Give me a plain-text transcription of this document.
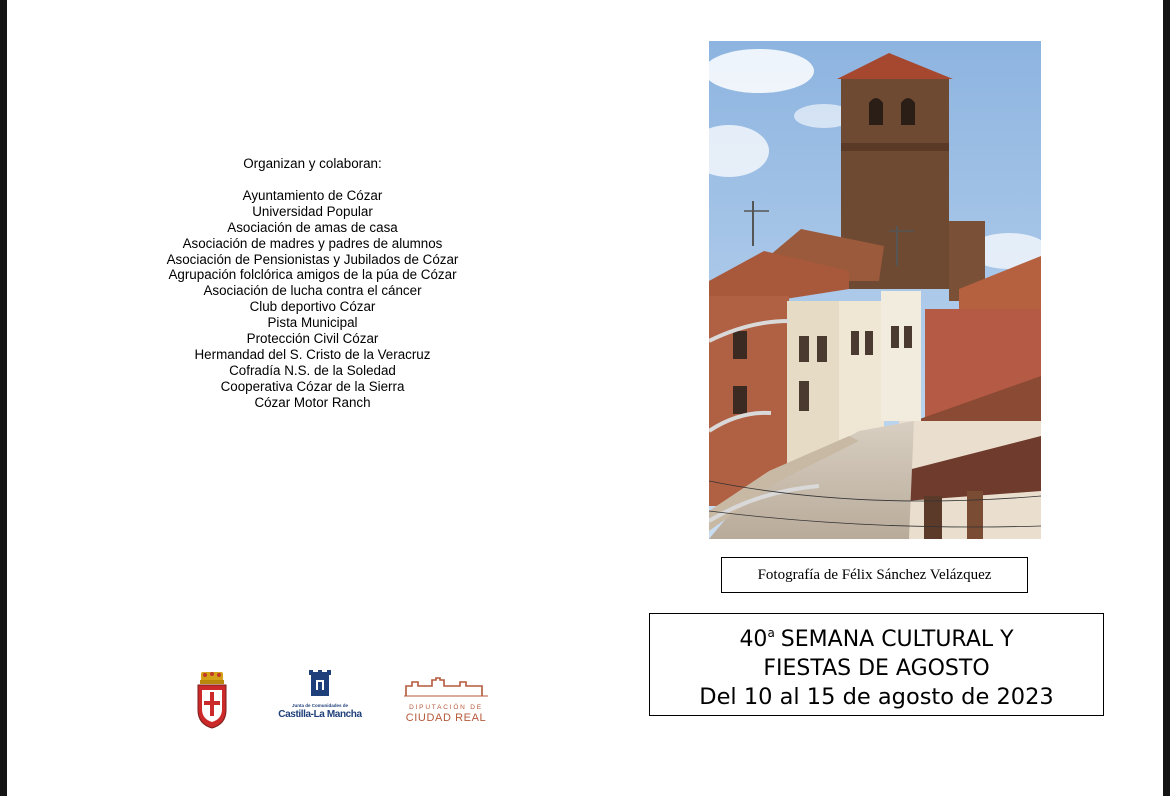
Organizan y colaboran:
Ayuntamiento de Cózar
Universidad Popular
Asociación de amas de casa
Asociación de madres y padres de alumnos
Asociación de Pensionistas y Jubilados de Cózar
Agrupación folclórica amigos de la púa de Cózar
Asociación de lucha contra el cáncer
Club deportivo Cózar
Pista Municipal
Protección Civil Cózar
Hermandad del S. Cristo de la Veracruz
Cofradía N.S. de la Soledad
Cooperativa Cózar de la Sierra
Cózar Motor Ranch
Junta de Comunidades de
Castilla-La Mancha
DIPUTACIÓN DE
CIUDAD REAL
Fotografía de Félix Sánchez Velázquez
40$^a$ SEMANA CULTURAL Y
FIESTAS DE AGOSTO
Del 10 al 15 de agosto de 2023
